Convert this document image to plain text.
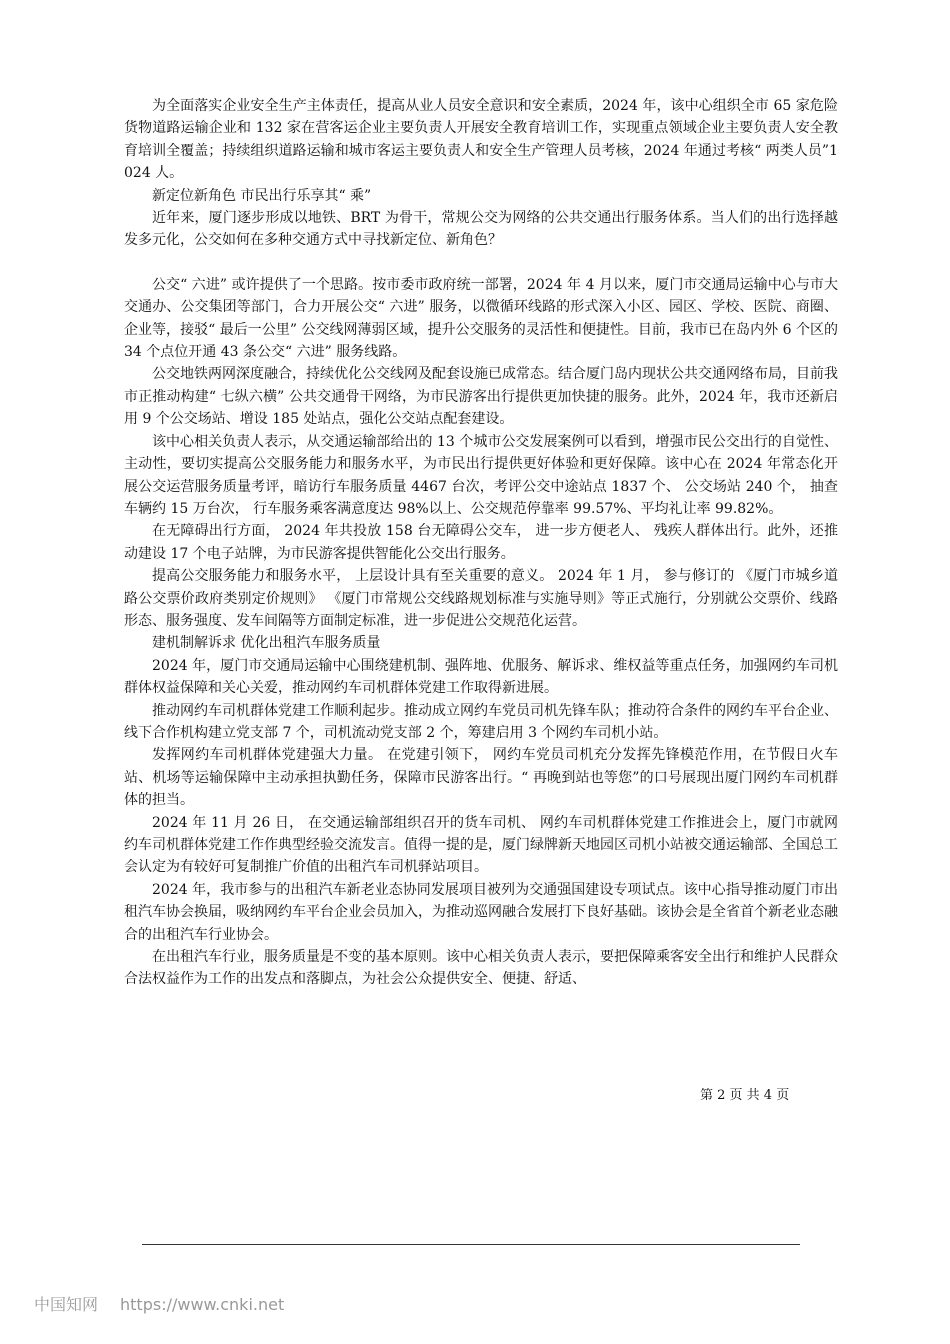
为全面落实企业安全生产主体责任，提高从业人员安全意识和安全素质，2024 年，该中心组织全市 65 家危险货物道路运输企业和 132 家在营客运企业主要负责人开展安全教育培训工作，实现重点领域企业主要负责人安全教育培训全覆盖；持续组织道路运输和城市客运主要负责人和安全生产管理人员考核，2024 年通过考核“ 两类人员”1024 人。

新定位新角色 市民出行乐享其“ 乘”

近年来，厦门逐步形成以地铁、BRT 为骨干，常规公交为网络的公共交通出行服务体系。当人们的出行选择越发多元化，公交如何在多种交通方式中寻找新定位、新角色？

公交“ 六进” 或许提供了一个思路。按市委市政府统一部署，2024 年 4 月以来，厦门市交通局运输中心与市大交通办、公交集团等部门，合力开展公交“ 六进” 服务，以微循环线路的形式深入小区、园区、学校、医院、商圈、企业等，接驳“ 最后一公里” 公交线网薄弱区域，提升公交服务的灵活性和便捷性。目前，我市已在岛内外 6 个区的 34 个点位开通 43 条公交“ 六进” 服务线路。

公交地铁两网深度融合，持续优化公交线网及配套设施已成常态。结合厦门岛内现状公共交通网络布局，目前我市正推动构建“ 七纵六横” 公共交通骨干网络，为市民游客出行提供更加快捷的服务。此外，2024 年，我市还新启用 9 个公交场站、增设 185 处站点，强化公交站点配套建设。

该中心相关负责人表示，从交通运输部给出的 13 个城市公交发展案例可以看到，增强市民公交出行的自觉性、主动性，要切实提高公交服务能力和服务水平，为市民出行提供更好体验和更好保障。该中心在 2024 年常态化开展公交运营服务质量考评，暗访行车服务质量 4467 台次，考评公交中途站点 1837 个、 公交场站 240 个， 抽查车辆约 15 万台次， 行车服务乘客满意度达 98%以上、公交规范停靠率 99.57%、平均礼让率 99.82%。

在无障碍出行方面， 2024 年共投放 158 台无障碍公交车， 进一步方便老人、 残疾人群体出行。此外，还推动建设 17 个电子站牌，为市民游客提供智能化公交出行服务。

提高公交服务能力和服务水平， 上层设计具有至关重要的意义。 2024 年 1 月， 参与修订的 《厦门市城乡道路公交票价政府类别定价规则》 《厦门市常规公交线路规划标准与实施导则》等正式施行，分别就公交票价、线路形态、服务强度、发车间隔等方面制定标准，进一步促进公交规范化运营。

建机制解诉求 优化出租汽车服务质量

2024 年，厦门市交通局运输中心围绕建机制、强阵地、优服务、解诉求、维权益等重点任务，加强网约车司机群体权益保障和关心关爱，推动网约车司机群体党建工作取得新进展。

推动网约车司机群体党建工作顺利起步。推动成立网约车党员司机先锋车队；推动符合条件的网约车平台企业、线下合作机构建立党支部 7 个，司机流动党支部 2 个，筹建启用 3 个网约车司机小站。

发挥网约车司机群体党建强大力量。 在党建引领下， 网约车党员司机充分发挥先锋模范作用，在节假日火车站、机场等运输保障中主动承担执勤任务，保障市民游客出行。“ 再晚到站也等您”的口号展现出厦门网约车司机群体的担当。

2024 年 11 月 26 日， 在交通运输部组织召开的货车司机、 网约车司机群体党建工作推进会上，厦门市就网约车司机群体党建工作作典型经验交流发言。值得一提的是，厦门绿牌新天地园区司机小站被交通运输部、全国总工会认定为有较好可复制推广价值的出租汽车司机驿站项目。

2024 年，我市参与的出租汽车新老业态协同发展项目被列为交通强国建设专项试点。该中心指导推动厦门市出租汽车协会换届，吸纳网约车平台企业会员加入，为推动巡网融合发展打下良好基础。该协会是全省首个新老业态融合的出租汽车行业协会。

在出租汽车行业，服务质量是不变的基本原则。该中心相关负责人表示，要把保障乘客安全出行和维护人民群众合法权益作为工作的出发点和落脚点，为社会公众提供安全、便捷、舒适、

第 2 页 共 4 页
中国知网 https://www.cnki.net
